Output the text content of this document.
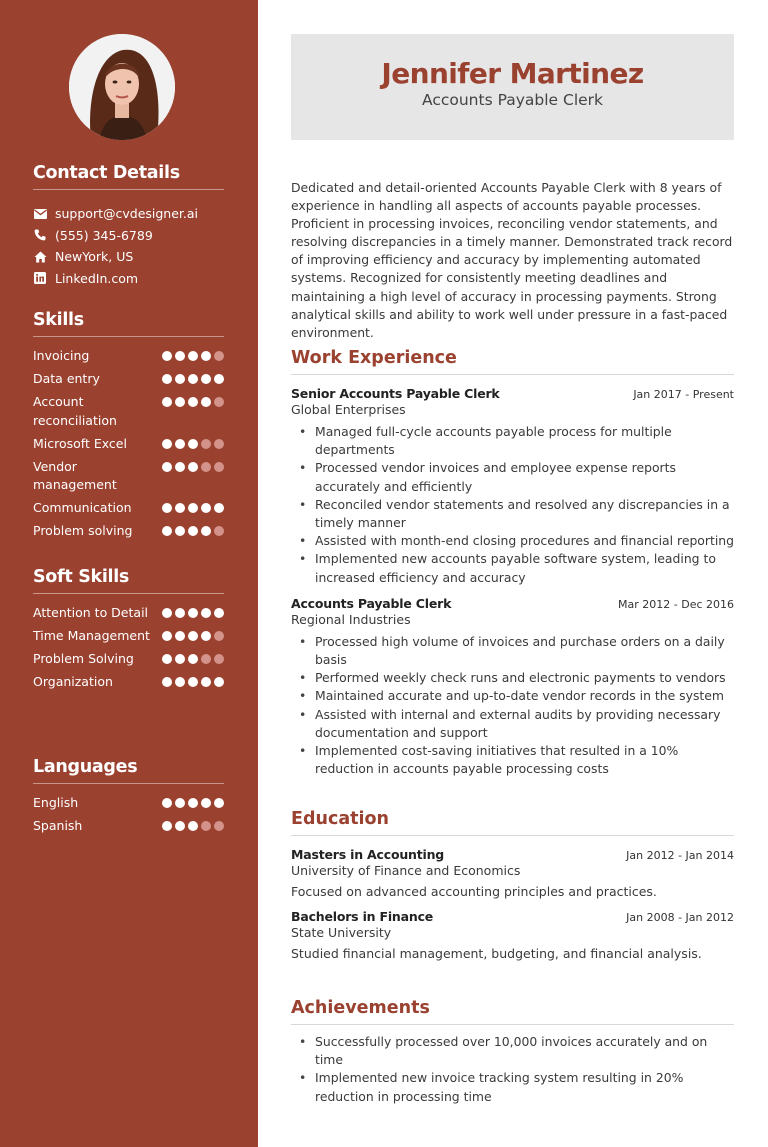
Contact Details
support@cvdesigner.ai
(555) 345-6789
NewYork, US
LinkedIn.com
Skills
Invoicing
Data entry
Account reconciliation
Microsoft Excel
Vendor management
Communication
Problem solving
Soft Skills
Attention to Detail
Time Management
Problem Solving
Organization
Languages
English
Spanish
Jennifer Martinez
Accounts Payable Clerk
Dedicated and detail-oriented Accounts Payable Clerk with 8 years of experience in handling all aspects of accounts payable processes. Proficient in processing invoices, reconciling vendor statements, and resolving discrepancies in a timely manner. Demonstrated track record of improving efficiency and accuracy by implementing automated systems. Recognized for consistently meeting deadlines and maintaining a high level of accuracy in processing payments. Strong analytical skills and ability to work well under pressure in a fast-paced environment.
Work Experience
Senior Accounts Payable Clerk	Jan 2017 - Present
Global Enterprises
• Managed full-cycle accounts payable process for multiple departments
• Processed vendor invoices and employee expense reports accurately and efficiently
• Reconciled vendor statements and resolved any discrepancies in a timely manner
• Assisted with month-end closing procedures and financial reporting
• Implemented new accounts payable software system, leading to increased efficiency and accuracy
Accounts Payable Clerk	Mar 2012 - Dec 2016
Regional Industries
• Processed high volume of invoices and purchase orders on a daily basis
• Performed weekly check runs and electronic payments to vendors
• Maintained accurate and up-to-date vendor records in the system
• Assisted with internal and external audits by providing necessary documentation and support
• Implemented cost-saving initiatives that resulted in a 10% reduction in accounts payable processing costs
Education
Masters in Accounting	Jan 2012 - Jan 2014
University of Finance and Economics
Focused on advanced accounting principles and practices.
Bachelors in Finance	Jan 2008 - Jan 2012
State University
Studied financial management, budgeting, and financial analysis.
Achievements
• Successfully processed over 10,000 invoices accurately and on time
• Implemented new invoice tracking system resulting in 20% reduction in processing time
